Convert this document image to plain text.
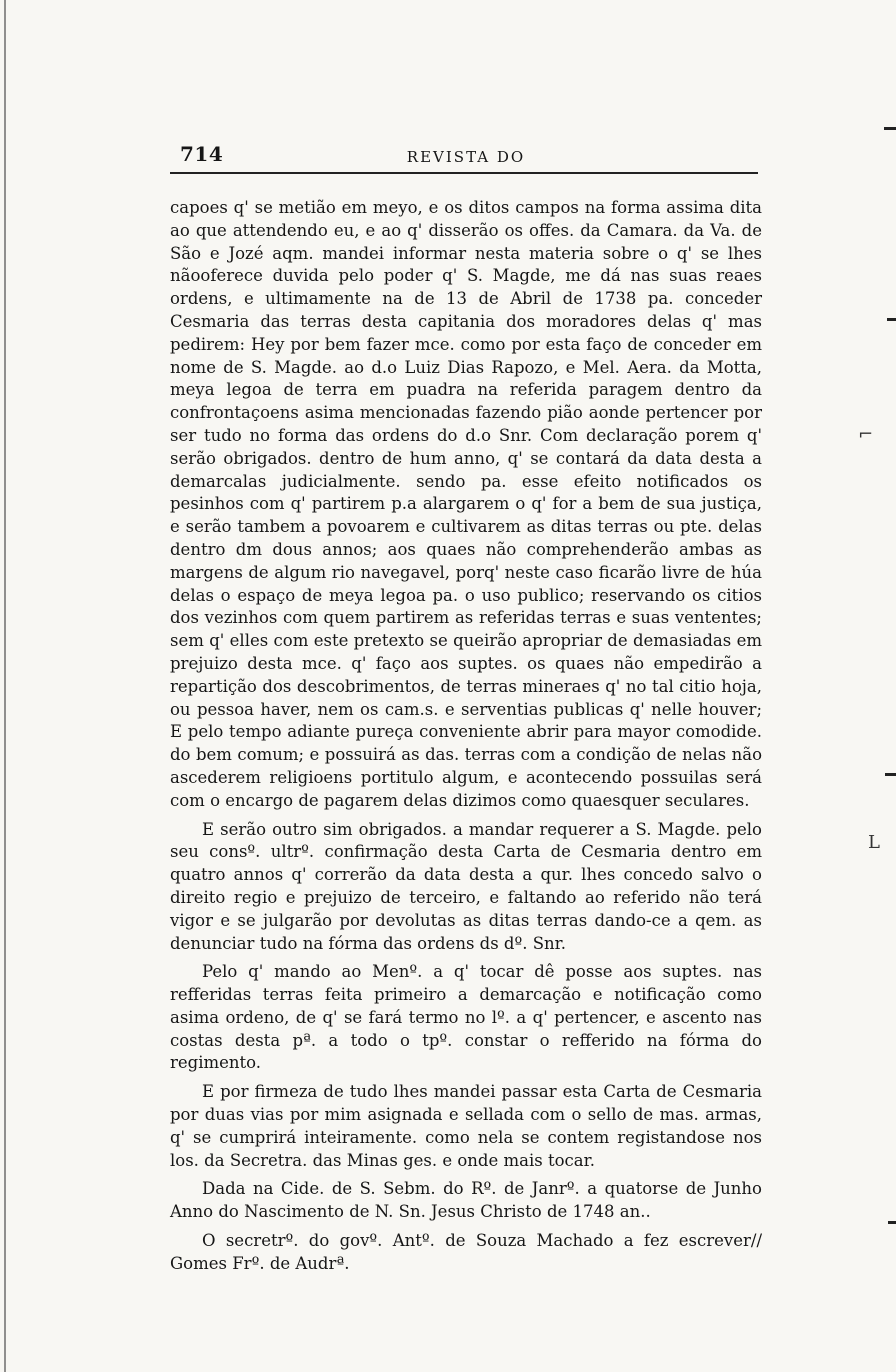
714	REVISTA DO

capoes q' se metião em meyo, e os ditos campos na forma assima dita ao que attendendo eu, e ao q' disserão os offes. da Camara. da Va. de São e Jozé aqm. mandei informar nesta materia sobre o q' se lhes nãooferece duvida pelo poder q' S. Magde, me dá nas suas reaes ordens, e ultimamente na de 13 de Abril de 1738 pa. conceder Cesmaria das terras desta capitania dos moradores delas q' mas pedirem: Hey por bem fazer mce. como por esta faço de conceder em nome de S. Magde. ao d.o Luiz Dias Rapozo, e Mel. Aera. da Motta, meya legoa de terra em puadra na referida paragem dentro da confrontaçoens asima mencionadas fazendo pião aonde pertencer por ser tudo no forma das ordens do d.o Snr. Com declaração porem q' serão obrigados. dentro de hum anno, q' se contará da data desta a demarcalas judicialmente. sendo pa. esse efeito notificados os pesinhos com q' partirem p.a alargarem o q' for a bem de sua justiça, e serão tambem a povoarem e cultivarem as ditas terras ou pte. delas dentro dm dous annos; aos quaes não comprehenderão ambas as margens de algum rio navegavel, porq' neste caso ficarão livre de húa delas o espaço de meya legoa pa. o uso publico; reservando os citios dos vezinhos com quem partirem as referidas terras e suas vententes; sem q' elles com este pretexto se queirão apropriar de demasiadas em prejuizo desta mce. q' faço aos suptes. os quaes não empedirão a repartição dos descobrimentos, de terras mineraes q' no tal citio hoja, ou pessoa haver, nem os cam.s. e serventias publicas q' nelle houver; E pelo tempo adiante pureça conveniente abrir para mayor comodide. do bem comum; e possuirá as das. terras com a condição de nelas não ascederem religioens portitulo algum, e acontecendo possuilas será com o encargo de pagarem delas dizimos como quaesquer seculares.

E serão outro sim obrigados. a mandar requerer a S. Magde. pelo seu consº. ultrº. confirmação desta Carta de Cesmaria dentro em quatro annos q' correrão da data desta a qur. lhes concedo salvo o direito regio e prejuizo de terceiro, e faltando ao referido não terá vigor e se julgarão por devolutas as ditas terras dando-ce a qem. as denunciar tudo na fórma das ordens ds dº. Snr.

Pelo q' mando ao Menº. a q' tocar dê posse aos suptes. nas refferidas terras feita primeiro a demarcação e notificação como asima ordeno, de q' se fará termo no lº. a q' pertencer, e ascento nas costas desta pª. a todo o tpº. constar o refferido na fórma do regimento.

E por firmeza de tudo lhes mandei passar esta Carta de Cesmaria por duas vias por mim asignada e sellada com o sello de mas. armas, q' se cumprirá inteiramente. como nela se contem registandose nos los. da Secretra. das Minas ges. e onde mais tocar.

Dada na Cide. de S. Sebm. do Rº. de Janrº. a quatorse de Junho Anno do Nascimento de N. Sn. Jesus Christo de 1748 an..

O secretrº. do govº. Antº. de Souza Machado a fez escrever// Gomes Frº. de Audrª.

⌐
L
